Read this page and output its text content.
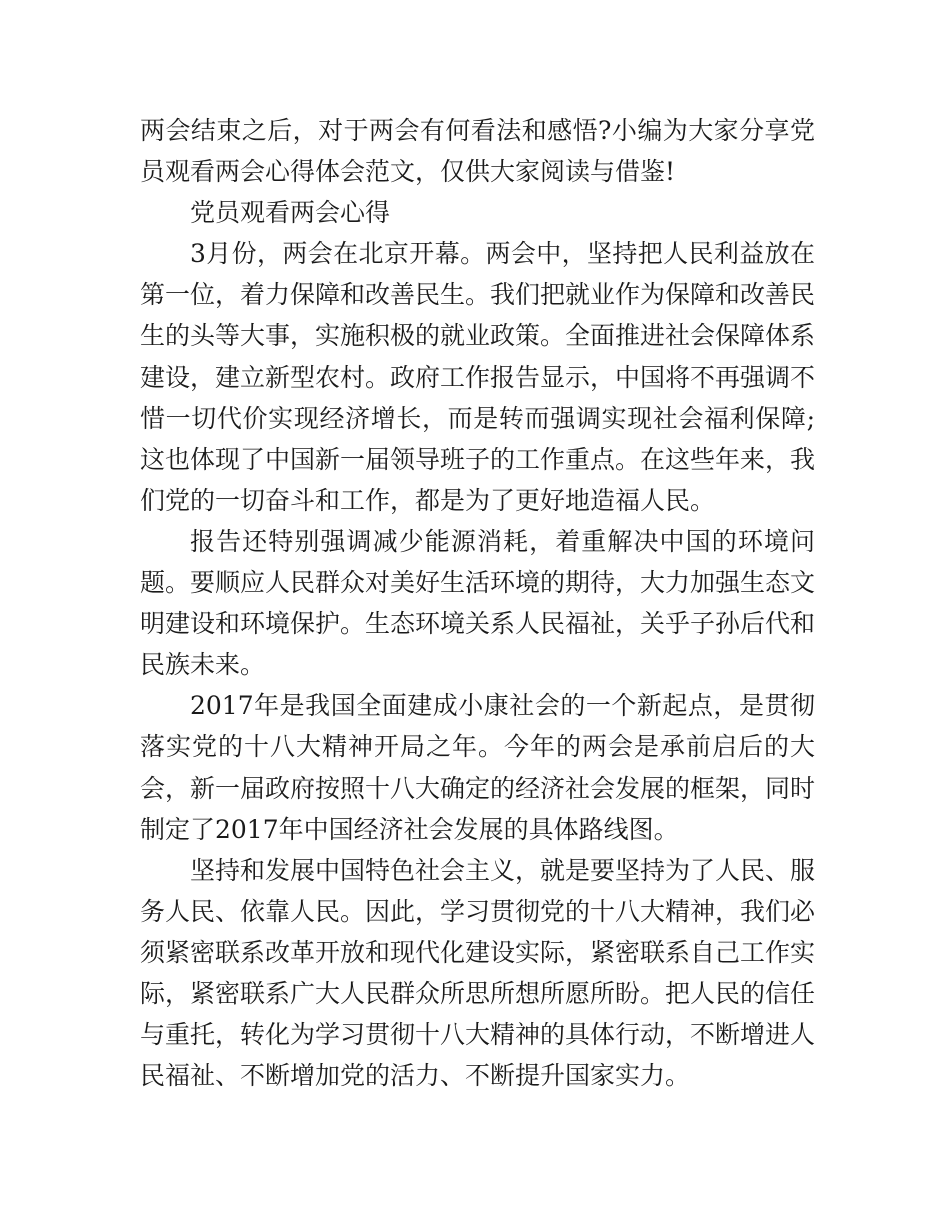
两会结束之后，对于两会有何看法和感悟?小编为大家分享党员观看两会心得体会范文，仅供大家阅读与借鉴!

党员观看两会心得

3月份，两会在北京开幕。两会中，坚持把人民利益放在第一位，着力保障和改善民生。我们把就业作为保障和改善民生的头等大事，实施积极的就业政策。全面推进社会保障体系建设，建立新型农村。政府工作报告显示，中国将不再强调不惜一切代价实现经济增长，而是转而强调实现社会福利保障;这也体现了中国新一届领导班子的工作重点。在这些年来，我们党的一切奋斗和工作，都是为了更好地造福人民。

报告还特别强调减少能源消耗，着重解决中国的环境问题。要顺应人民群众对美好生活环境的期待，大力加强生态文明建设和环境保护。生态环境关系人民福祉，关乎子孙后代和民族未来。

2017年是我国全面建成小康社会的一个新起点，是贯彻落实党的十八大精神开局之年。今年的两会是承前启后的大会，新一届政府按照十八大确定的经济社会发展的框架，同时制定了2017年中国经济社会发展的具体路线图。

坚持和发展中国特色社会主义，就是要坚持为了人民、服务人民、依靠人民。因此，学习贯彻党的十八大精神，我们必须紧密联系改革开放和现代化建设实际，紧密联系自己工作实际，紧密联系广大人民群众所思所想所愿所盼。把人民的信任与重托，转化为学习贯彻十八大精神的具体行动，不断增进人民福祉、不断增加党的活力、不断提升国家实力。
